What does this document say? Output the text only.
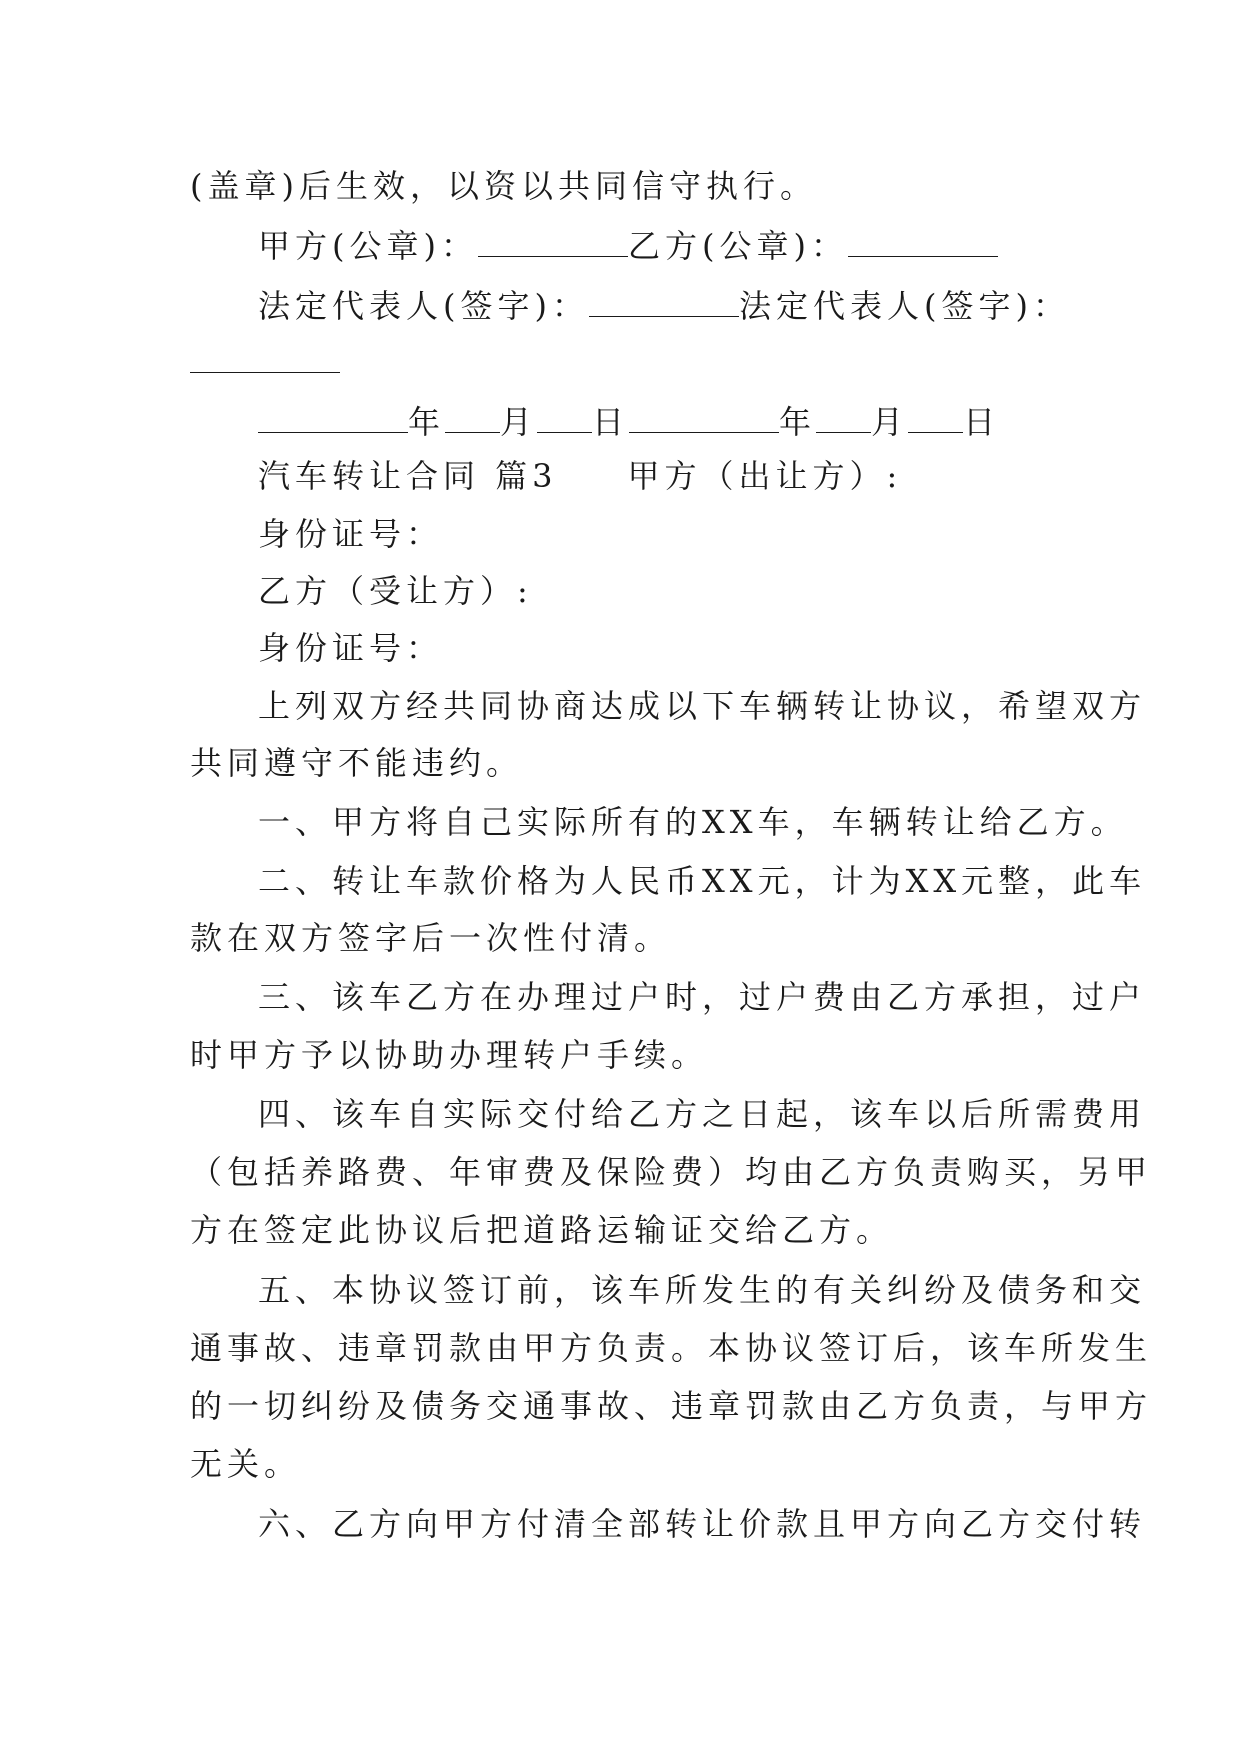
(盖章)后生效，以资以共同信守执行。
甲方(公章)：	乙方(公章)：
法定代表人(签字)：	法定代表人(签字)：
年 月 日	年 月 日
汽车转让合同 篇3 甲方（出让方）:
身份证号：
乙方（受让方）:
身份证号：
上列双方经共同协商达成以下车辆转让协议，希望双方
共同遵守不能违约。
一、甲方将自己实际所有的XX车，车辆转让给乙方。
二、转让车款价格为人民币XX元，计为XX元整，此车
款在双方签字后一次性付清。
三、该车乙方在办理过户时，过户费由乙方承担，过户
时甲方予以协助办理转户手续。
四、该车自实际交付给乙方之日起，该车以后所需费用
（包括养路费、年审费及保险费）均由乙方负责购买，另甲
方在签定此协议后把道路运输证交给乙方。
五、本协议签订前，该车所发生的有关纠纷及债务和交
通事故、违章罚款由甲方负责。本协议签订后，该车所发生
的一切纠纷及债务交通事故、违章罚款由乙方负责，与甲方
无关。
六、乙方向甲方付清全部转让价款且甲方向乙方交付转
